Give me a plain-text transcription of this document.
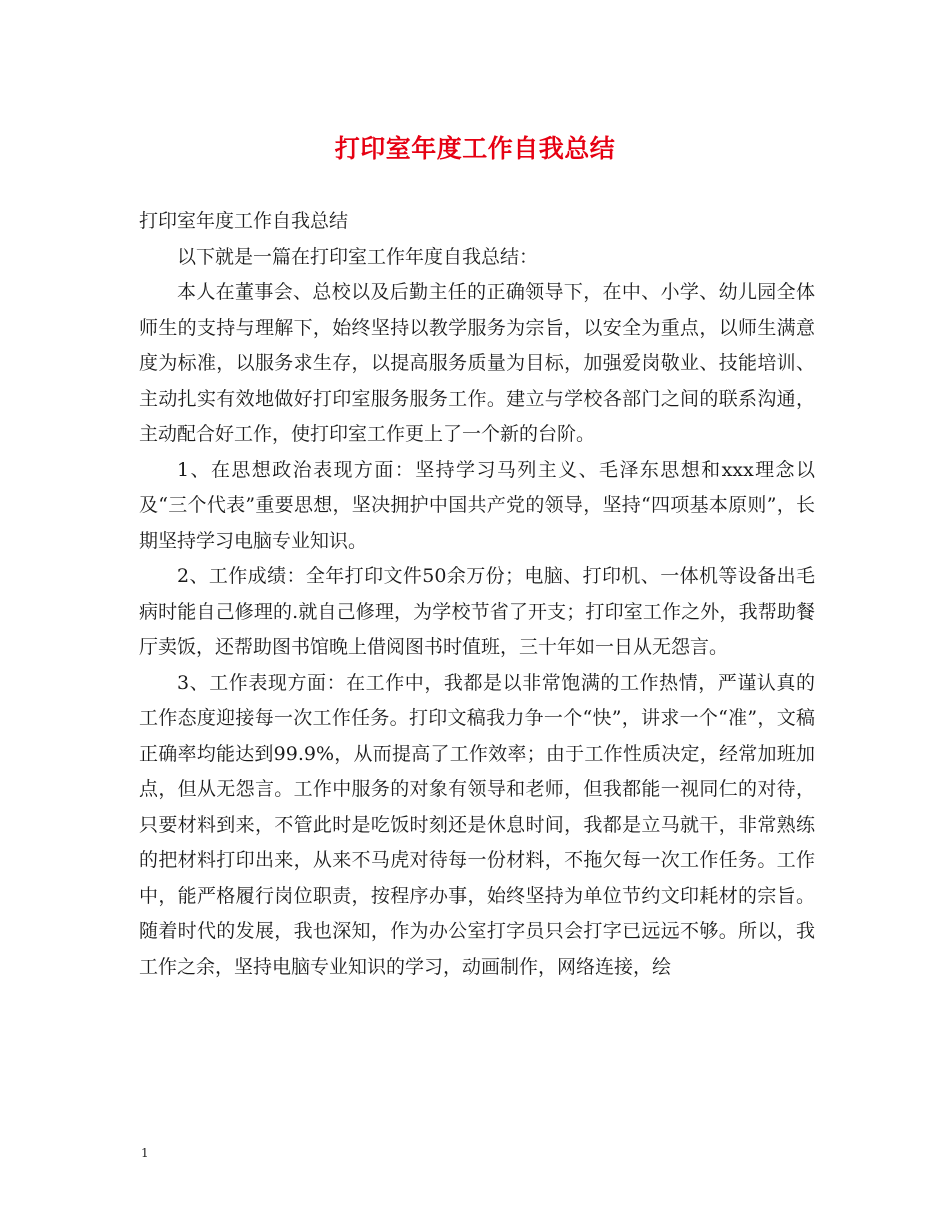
打印室年度工作自我总结

打印室年度工作自我总结

以下就是一篇在打印室工作年度自我总结：

本人在董事会、总校以及后勤主任的正确领导下，在中、小学、幼儿园全体师生的支持与理解下，始终坚持以教学服务为宗旨，以安全为重点，以师生满意度为标准，以服务求生存，以提高服务质量为目标，加强爱岗敬业、技能培训、主动扎实有效地做好打印室服务服务工作。建立与学校各部门之间的联系沟通，主动配合好工作，使打印室工作更上了一个新的台阶。

1、在思想政治表现方面：坚持学习马列主义、毛泽东思想和xxx理念以及“三个代表”重要思想，坚决拥护中国共产党的领导，坚持“四项基本原则”，长期坚持学习电脑专业知识。

2、工作成绩：全年打印文件50余万份；电脑、打印机、一体机等设备出毛病时能自己修理的.就自己修理，为学校节省了开支；打印室工作之外，我帮助餐厅卖饭，还帮助图书馆晚上借阅图书时值班，三十年如一日从无怨言。

3、工作表现方面：在工作中，我都是以非常饱满的工作热情，严谨认真的工作态度迎接每一次工作任务。打印文稿我力争一个“快”，讲求一个“准”，文稿正确率均能达到99.9%，从而提高了工作效率；由于工作性质决定，经常加班加点，但从无怨言。工作中服务的对象有领导和老师，但我都能一视同仁的对待，只要材料到来，不管此时是吃饭时刻还是休息时间，我都是立马就干，非常熟练的把材料打印出来，从来不马虎对待每一份材料，不拖欠每一次工作任务。工作中，能严格履行岗位职责，按程序办事，始终坚持为单位节约文印耗材的宗旨。随着时代的发展，我也深知，作为办公室打字员只会打字已远远不够。所以，我工作之余，坚持电脑专业知识的学习，动画制作，网络连接，绘

1
